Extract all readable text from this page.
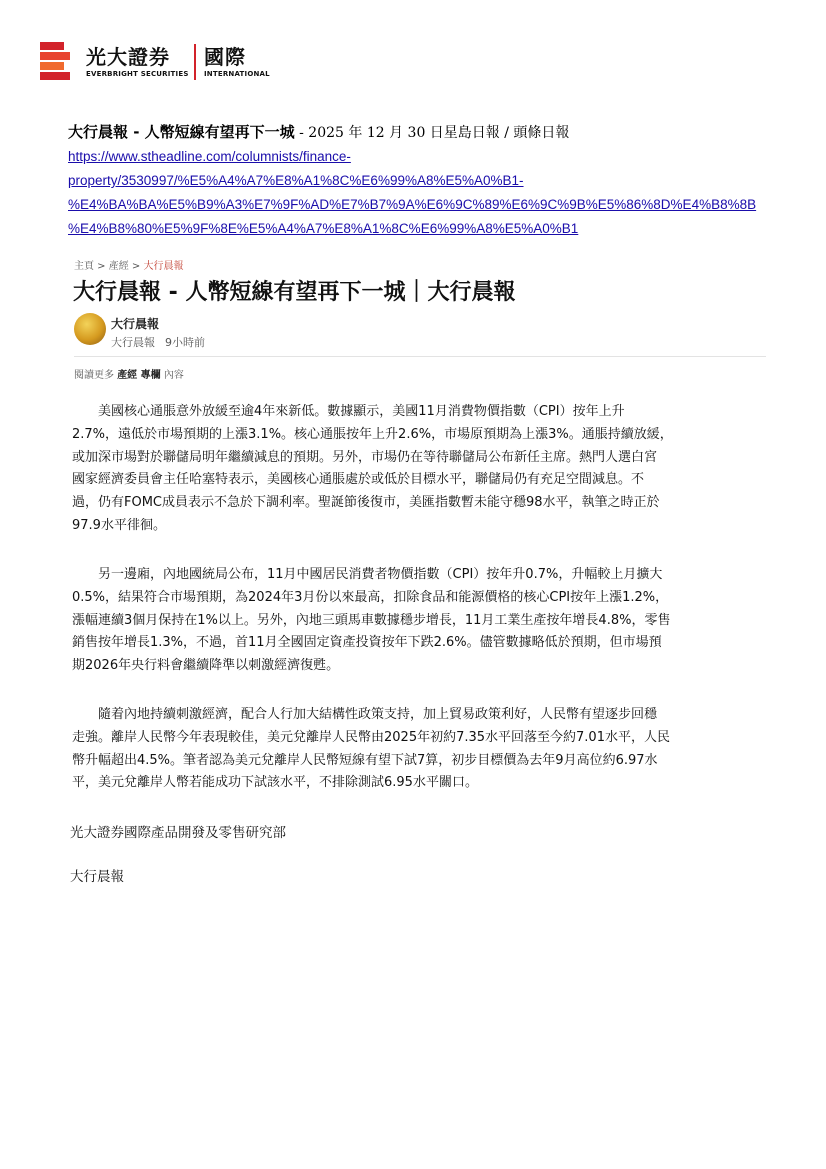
光大證券 國際
EVERBRIGHT SECURITIES INTERNATIONAL
大行晨報 - 人幣短線有望再下一城 - 2025 年 12 月 30 日星島日報 / 頭條日報
https://www.stheadline.com/columnists/finance-
property/3530997/%E5%A4%A7%E8%A1%8C%E6%99%A8%E5%A0%B1-
%E4%BA%BA%E5%B9%A3%E7%9F%AD%E7%B7%9A%E6%9C%89%E6%9C%9B%E5%86%8D%E4%B8%8B
%E4%B8%80%E5%9F%8E%E5%A4%A7%E8%A1%8C%E6%99%A8%E5%A0%B1
主頁 > 產經 > 大行晨報
大行晨報 - 人幣短線有望再下一城｜大行晨報
大行晨報
大行晨報 9小時前
閱讀更多 產經 專欄 內容
　　美國核心通脹意外放緩至逾4年來新低。數據顯示，美國11月消費物價指數（CPI）按年上升
2.7%，遠低於市場預期的上漲3.1%。核心通脹按年上升2.6%，市場原預期為上漲3%。通脹持續放緩，
或加深市場對於聯儲局明年繼續減息的預期。另外，市場仍在等待聯儲局公布新任主席。熱門人選白宮
國家經濟委員會主任哈塞特表示，美國核心通脹處於或低於目標水平，聯儲局仍有充足空間減息。不
過，仍有FOMC成員表示不急於下調利率。聖誕節後復市，美匯指數暫未能守穩98水平，執筆之時正於
97.9水平徘徊。
　　另一邊廂，內地國統局公布，11月中國居民消費者物價指數（CPI）按年升0.7%，升幅較上月擴大
0.5%，結果符合市場預期，為2024年3月份以來最高，扣除食品和能源價格的核心CPI按年上漲1.2%，
漲幅連續3個月保持在1%以上。另外，內地三頭馬車數據穩步增長，11月工業生產按年增長4.8%，零售
銷售按年增長1.3%，不過，首11月全國固定資產投資按年下跌2.6%。儘管數據略低於預期，但市場預
期2026年央行料會繼續降準以刺激經濟復甦。
　　隨着內地持續刺激經濟，配合人行加大結構性政策支持，加上貿易政策利好，人民幣有望逐步回穩
走強。離岸人民幣今年表現較佳，美元兌離岸人民幣由2025年初約7.35水平回落至今約7.01水平，人民
幣升幅超出4.5%。筆者認為美元兌離岸人民幣短線有望下試7算，初步目標價為去年9月高位約6.97水
平，美元兌離岸人幣若能成功下試該水平，不排除測試6.95水平關口。
光大證券國際產品開發及零售研究部
大行晨報
